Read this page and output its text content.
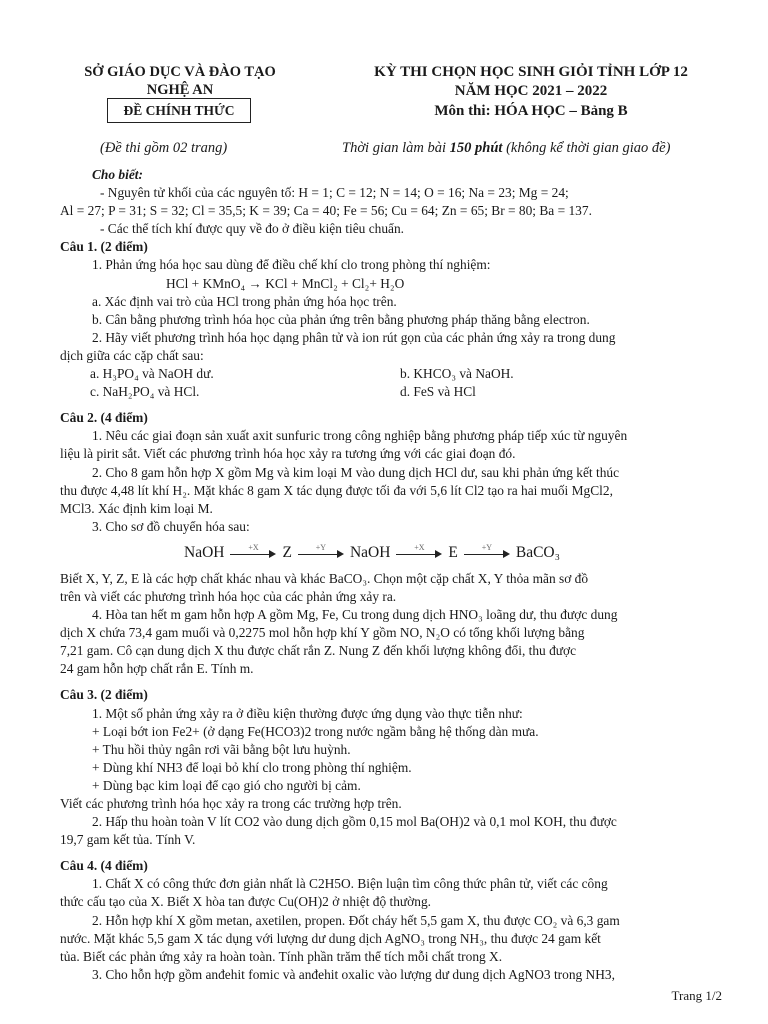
SỞ GIÁO DỤC VÀ ĐÀO TẠO
NGHỆ AN
ĐỀ CHÍNH THỨC
(Đề thi gồm 02 trang)
KỲ THI CHỌN HỌC SINH GIỎI TỈNH LỚP 12
NĂM HỌC 2021 – 2022
Môn thi: HÓA HỌC – Bảng B
Thời gian làm bài 150 phút (không kể thời gian giao đề)
Cho biết:
- Nguyên tử khối của các nguyên tố: H = 1; C = 12; N = 14; O = 16; Na = 23; Mg = 24;
Al = 27; P = 31; S = 32; Cl = 35,5; K = 39; Ca = 40; Fe = 56; Cu = 64; Zn = 65; Br = 80; Ba = 137.
- Các thể tích khí được quy về đo ở điều kiện tiêu chuẩn.
Câu 1. (2 điểm)
1. Phản ứng hóa học sau dùng để điều chế khí clo trong phòng thí nghiệm:
HCl + KMnO₄ → KCl + MnCl₂ + Cl₂+ H₂O
a. Xác định vai trò của HCl trong phản ứng hóa học trên.
b. Cân bằng phương trình hóa học của phản ứng trên bằng phương pháp thăng bằng electron.
2. Hãy viết phương trình hóa học dạng phân tử và ion rút gọn của các phản ứng xảy ra trong dung
dịch giữa các cặp chất sau:
a. H₃PO₄ và NaOH dư.	b. KHCO₃ và NaOH.
c. NaH₂PO₄ và HCl.	d. FeS và HCl
Câu 2. (4 điểm)
1. Nêu các giai đoạn sản xuất axit sunfuric trong công nghiệp bằng phương pháp tiếp xúc từ nguyên
liệu là pirit sắt. Viết các phương trình hóa học xảy ra tương ứng với các giai đoạn đó.
2. Cho 8 gam hỗn hợp X gồm Mg và kim loại M vào dung dịch HCl dư, sau khi phản ứng kết thúc
thu được 4,48 lít khí H₂. Mặt khác 8 gam X tác dụng được tối đa với 5,6 lít Cl2 tạo ra hai muối MgCl2,
MCl3. Xác định kim loại M.
3. Cho sơ đồ chuyển hóa sau:
NaOH	+X	Z	+Y	NaOH	+X	E	+Y	BaCO₃
Biết X, Y, Z, E là các hợp chất khác nhau và khác BaCO₃. Chọn một cặp chất X, Y thỏa mãn sơ đồ
trên và viết các phương trình hóa học của các phản ứng xảy ra.
4. Hòa tan hết m gam hỗn hợp A gồm Mg, Fe, Cu trong dung dịch HNO₃ loãng dư, thu được dung
dịch X chứa 73,4 gam muối và 0,2275 mol hỗn hợp khí Y gồm NO, N₂O có tổng khối lượng bằng
7,21 gam. Cô cạn dung dịch X thu được chất rắn Z. Nung Z đến khối lượng không đổi, thu được
24 gam hỗn hợp chất rắn E. Tính m.
Câu 3. (2 điểm)
1. Một số phản ứng xảy ra ở điều kiện thường được ứng dụng vào thực tiễn như:
+ Loại bớt ion Fe2+ (ở dạng Fe(HCO3)2 trong nước ngầm bằng hệ thống dàn mưa.
+ Thu hồi thủy ngân rơi vãi bằng bột lưu huỳnh.
+ Dùng khí NH3 để loại bỏ khí clo trong phòng thí nghiệm.
+ Dùng bạc kim loại để cạo gió cho người bị cảm.
Viết các phương trình hóa học xảy ra trong các trường hợp trên.
2. Hấp thu hoàn toàn V lít CO2 vào dung dịch gồm 0,15 mol Ba(OH)2 và 0,1 mol KOH, thu được
19,7 gam kết tủa. Tính V.
Câu 4. (4 điểm)
1. Chất X có công thức đơn giản nhất là C2H5O. Biện luận tìm công thức phân tử, viết các công
thức cấu tạo của X. Biết X hòa tan được Cu(OH)2 ở nhiệt độ thường.
2. Hỗn hợp khí X gồm metan, axetilen, propen. Đốt cháy hết 5,5 gam X, thu được CO₂ và 6,3 gam
nước. Mặt khác 5,5 gam X tác dụng với lượng dư dung dịch AgNO₃ trong NH₃, thu được 24 gam kết
tủa. Biết các phản ứng xảy ra hoàn toàn. Tính phần trăm thể tích mỗi chất trong X.
3. Cho hỗn hợp gồm anđehit fomic và anđehit oxalic vào lượng dư dung dịch AgNO3 trong NH3,
Trang 1/2
